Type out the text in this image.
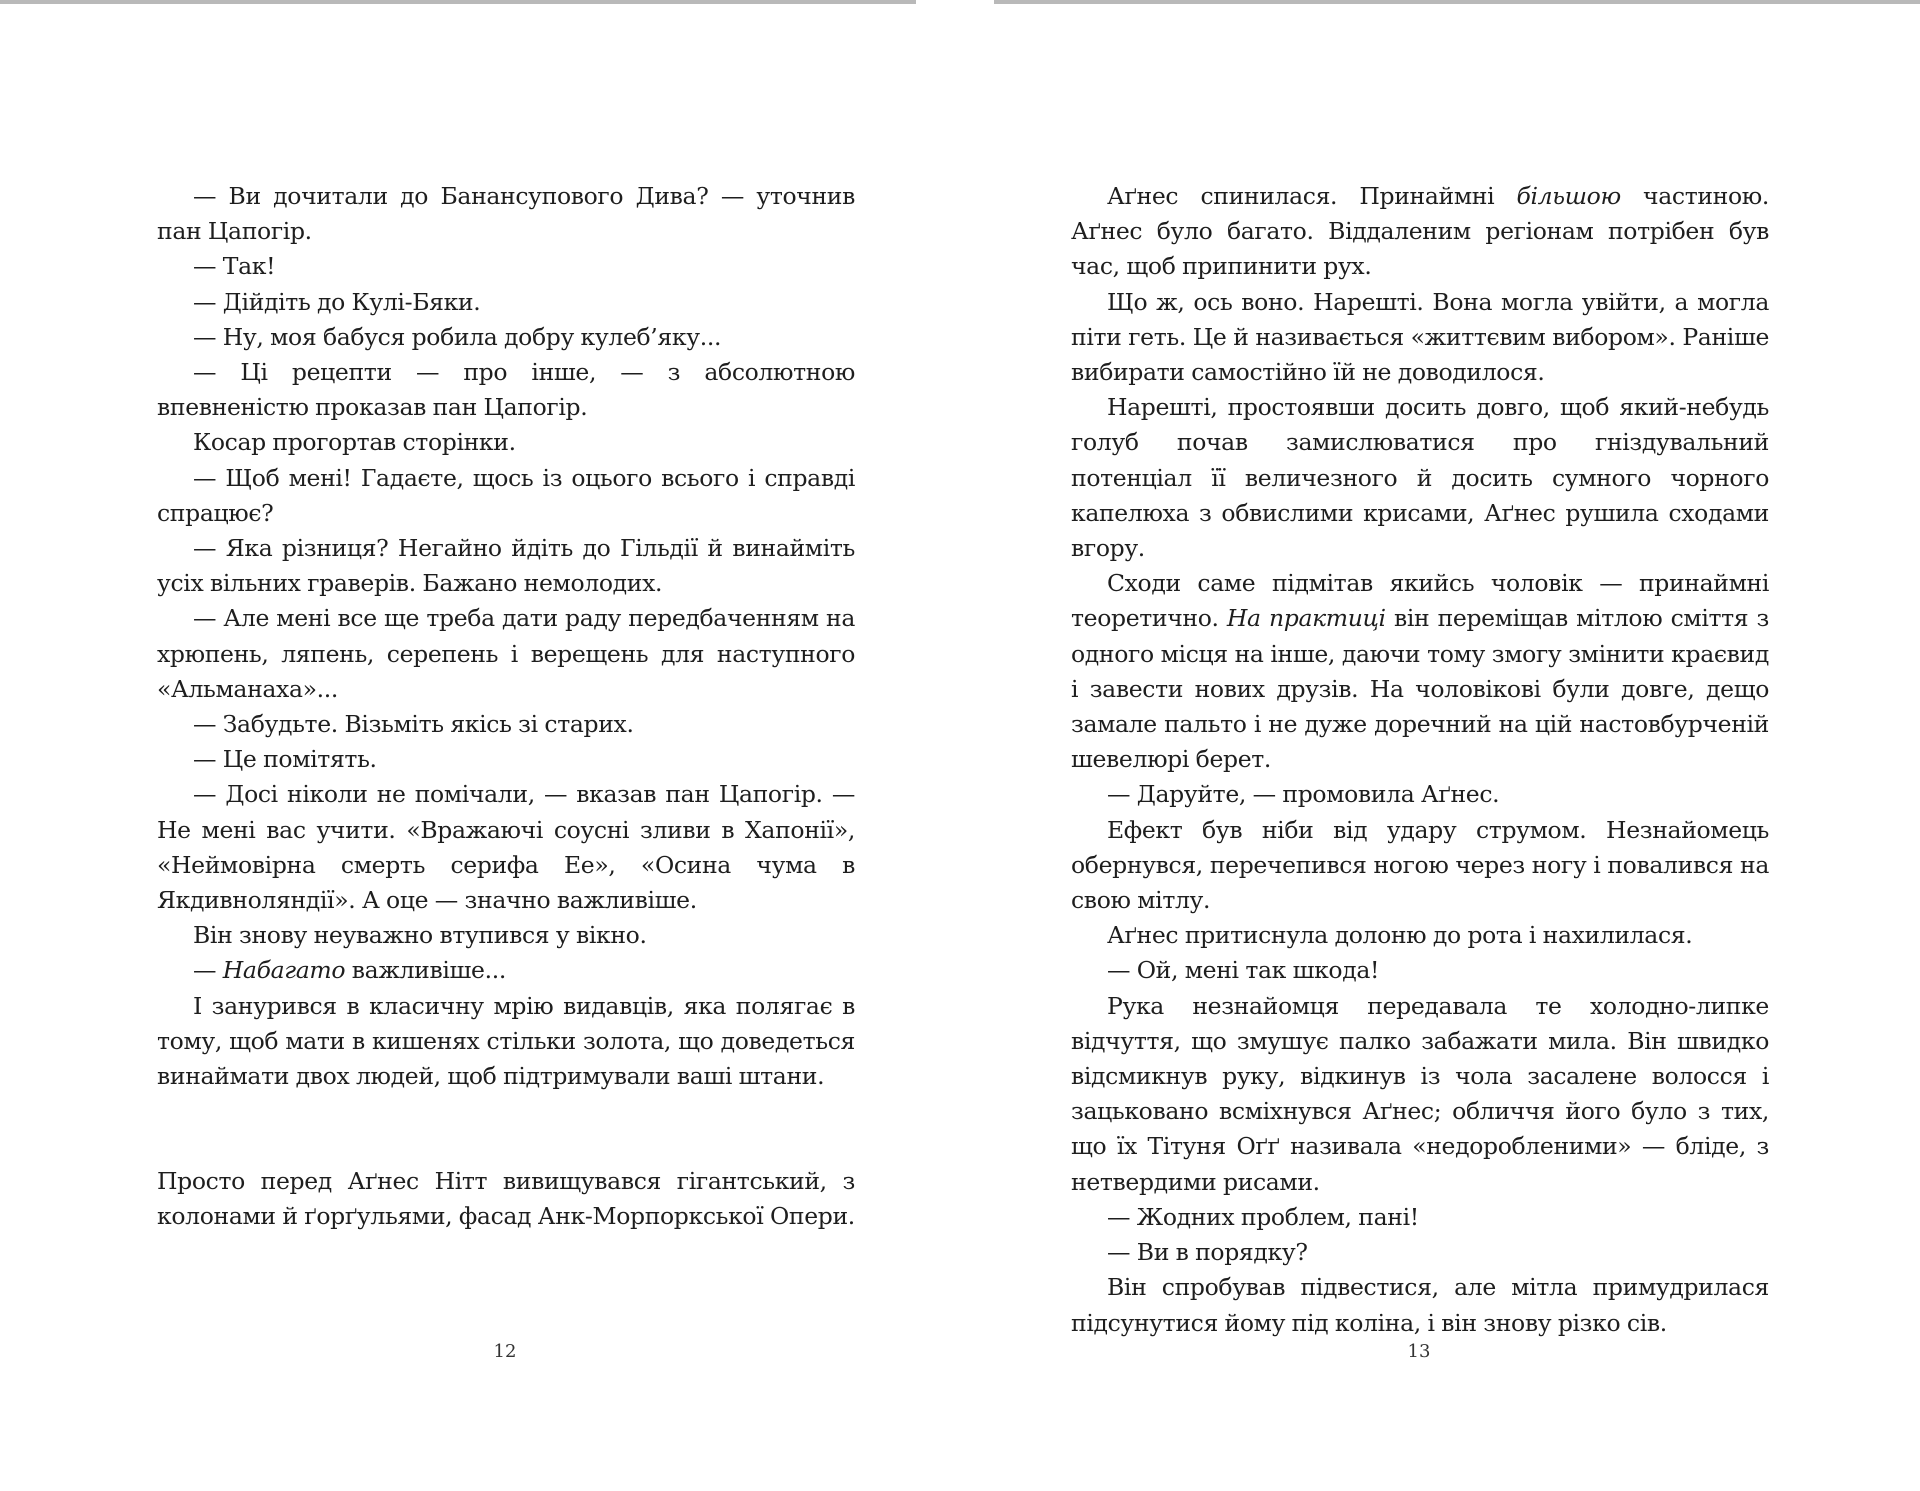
— Ви дочитали до Банансупового Дива? — уточнив пан Цапогір.

— Так!

— Дійдіть до Кулі-Бяки.

— Ну, моя бабуся робила добру кулеб’яку...

— Ці рецепти — про інше, — з абсолютною впевненістю проказав пан Цапогір.

Косар прогортав сторінки.

— Щоб мені! Гадаєте, щось із оцього всього і справді спрацює?

— Яка різниця? Негайно йдіть до Гільдії й винайміть усіх вільних граверів. Бажано немолодих.

— Але мені все ще треба дати раду передбаченням на хрюпень, ляпень, серепень і верещень для наступного «Альманаха»...

— Забудьте. Візьміть якісь зі старих.

— Це помітять.

— Досі ніколи не помічали, — вказав пан Цапогір. — Не мені вас учити. «Вражаючі соусні зливи в Хапонії», «Неймовірна смерть серифа Ее», «Осина чума в Якдивноляндії». А оце — значно важливіше.

Він знову неуважно втупився у вікно.

— Набагато важливіше...

І занурився в класичну мрію видавців, яка полягає в тому, щоб мати в кишенях стільки золота, що доведеться винаймати двох людей, щоб підтримували ваші штани.

Просто перед Аґнес Нітт вивищувався гігантський, з колонами й ґорґульями, фасад Анк-Морпоркської Опери.

Аґнес спинилася. Принаймні більшою частиною. Аґнес було багато. Віддаленим регіонам потрібен був час, щоб припинити рух.

Що ж, ось воно. Нарешті. Вона могла увійти, а могла піти геть. Це й називається «життєвим вибором». Раніше вибирати самостійно їй не доводилося.

Нарешті, простоявши досить довго, щоб який-небудь голуб почав замислюватися про гніздувальний потенціал її величезного й досить сумного чорного капелюха з обвислими крисами, Аґнес рушила сходами вгору.

Сходи саме підмітав якийсь чоловік — принаймні теоретично. На практиці він переміщав мітлою сміття з одного місця на інше, даючи тому змогу змінити краєвид і завести нових друзів. На чоловікові були довге, дещо замале пальто і не дуже доречний на цій настовбурченій шевелюрі берет.

— Даруйте, — промовила Аґнес.

Ефект був ніби від удару струмом. Незнайомець обернувся, перечепився ногою через ногу і повалився на свою мітлу.

Аґнес притиснула долоню до рота і нахилилася.

— Ой, мені так шкода!

Рука незнайомця передавала те холодно-липке відчуття, що змушує палко забажати мила. Він швидко відсмикнув руку, відкинув із чола засалене волосся і зацьковано всміхнувся Аґнес; обличчя його було з тих, що їх Тітуня Оґґ називала «недоробленими» — бліде, з нетвердими рисами.

— Жодних проблем, пані!

— Ви в порядку?

Він спробував підвестися, але мітла примудрилася підсунутися йому під коліна, і він знову різко сів.

12	13
